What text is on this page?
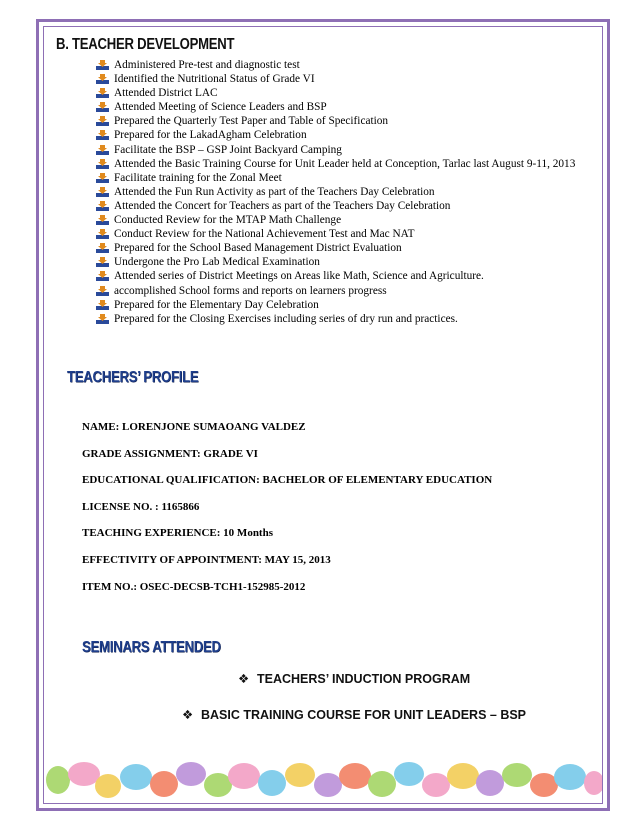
B. TEACHER DEVELOPMENT
Administered Pre-test and diagnostic test
Identified the Nutritional Status of Grade VI
Attended District LAC
Attended Meeting of Science Leaders and BSP
Prepared the Quarterly Test Paper and Table of Specification
Prepared for the LakadAgham Celebration
Facilitate the BSP – GSP Joint Backyard Camping
Attended the Basic Training Course for Unit Leader held at Conception, Tarlac last August 9-11, 2013
Facilitate training for the Zonal Meet
Attended the Fun Run Activity as part of the Teachers Day Celebration
Attended the Concert for Teachers as part of the Teachers Day Celebration
Conducted Review for the MTAP Math Challenge
Conduct Review for the National Achievement Test and Mac NAT
Prepared for the School Based Management District Evaluation
Undergone the Pro Lab Medical Examination
Attended series of District Meetings on Areas like Math, Science and Agriculture.
accomplished School forms and reports on learners progress
Prepared for the Elementary Day Celebration
Prepared for the Closing Exercises including series of dry run and practices.
TEACHERS’ PROFILE
NAME: LORENJONE SUMAOANG VALDEZ
GRADE ASSIGNMENT: GRADE VI
EDUCATIONAL QUALIFICATION: BACHELOR OF ELEMENTARY EDUCATION
LICENSE NO. : 1165866
TEACHING EXPERIENCE: 10 Months
EFFECTIVITY OF APPOINTMENT: MAY 15, 2013
ITEM NO.: OSEC-DECSB-TCH1-152985-2012
SEMINARS ATTENDED
❖ TEACHERS’ INDUCTION PROGRAM
❖ BASIC TRAINING COURSE FOR UNIT LEADERS – BSP
